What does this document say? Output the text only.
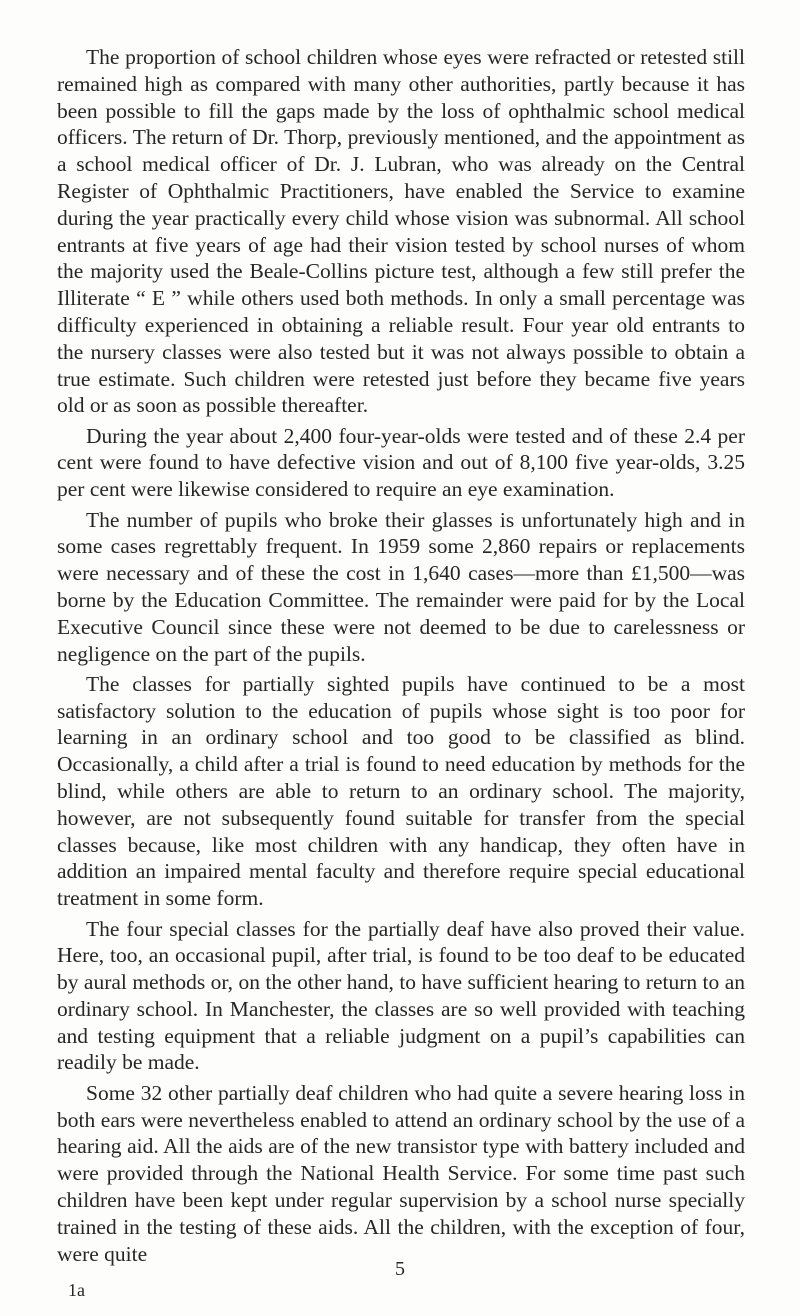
The proportion of school children whose eyes were refracted or retested still remained high as compared with many other authorities, partly because it has been possible to fill the gaps made by the loss of ophthalmic school medical officers. The return of Dr. Thorp, previously mentioned, and the appointment as a school medical officer of Dr. J. Lubran, who was already on the Central Register of Ophthalmic Practitioners, have enabled the Service to examine during the year practically every child whose vision was subnormal. All school entrants at five years of age had their vision tested by school nurses of whom the majority used the Beale-Collins picture test, although a few still prefer the Illiterate “ E ” while others used both methods. In only a small percentage was difficulty experienced in obtaining a reliable result. Four year old entrants to the nursery classes were also tested but it was not always possible to obtain a true estimate. Such children were retested just before they became five years old or as soon as possible thereafter.

During the year about 2,400 four-year-olds were tested and of these 2.4 per cent were found to have defective vision and out of 8,100 five year-olds, 3.25 per cent were likewise considered to require an eye examination.

The number of pupils who broke their glasses is unfortunately high and in some cases regrettably frequent. In 1959 some 2,860 repairs or replacements were necessary and of these the cost in 1,640 cases—more than £1,500—was borne by the Education Committee. The remainder were paid for by the Local Executive Council since these were not deemed to be due to carelessness or negligence on the part of the pupils.

The classes for partially sighted pupils have continued to be a most satisfactory solution to the education of pupils whose sight is too poor for learning in an ordinary school and too good to be classified as blind. Occasionally, a child after a trial is found to need education by methods for the blind, while others are able to return to an ordinary school. The majority, however, are not subsequently found suitable for transfer from the special classes because, like most children with any handicap, they often have in addition an impaired mental faculty and therefore require special educational treatment in some form.

The four special classes for the partially deaf have also proved their value. Here, too, an occasional pupil, after trial, is found to be too deaf to be educated by aural methods or, on the other hand, to have sufficient hearing to return to an ordinary school. In Manchester, the classes are so well provided with teaching and testing equipment that a reliable judgment on a pupil’s capabilities can readily be made.

Some 32 other partially deaf children who had quite a severe hearing loss in both ears were nevertheless enabled to attend an ordinary school by the use of a hearing aid. All the aids are of the new transistor type with battery included and were provided through the National Health Service. For some time past such children have been kept under regular supervision by a school nurse specially trained in the testing of these aids. All the children, with the exception of four, were quite

5
1a
